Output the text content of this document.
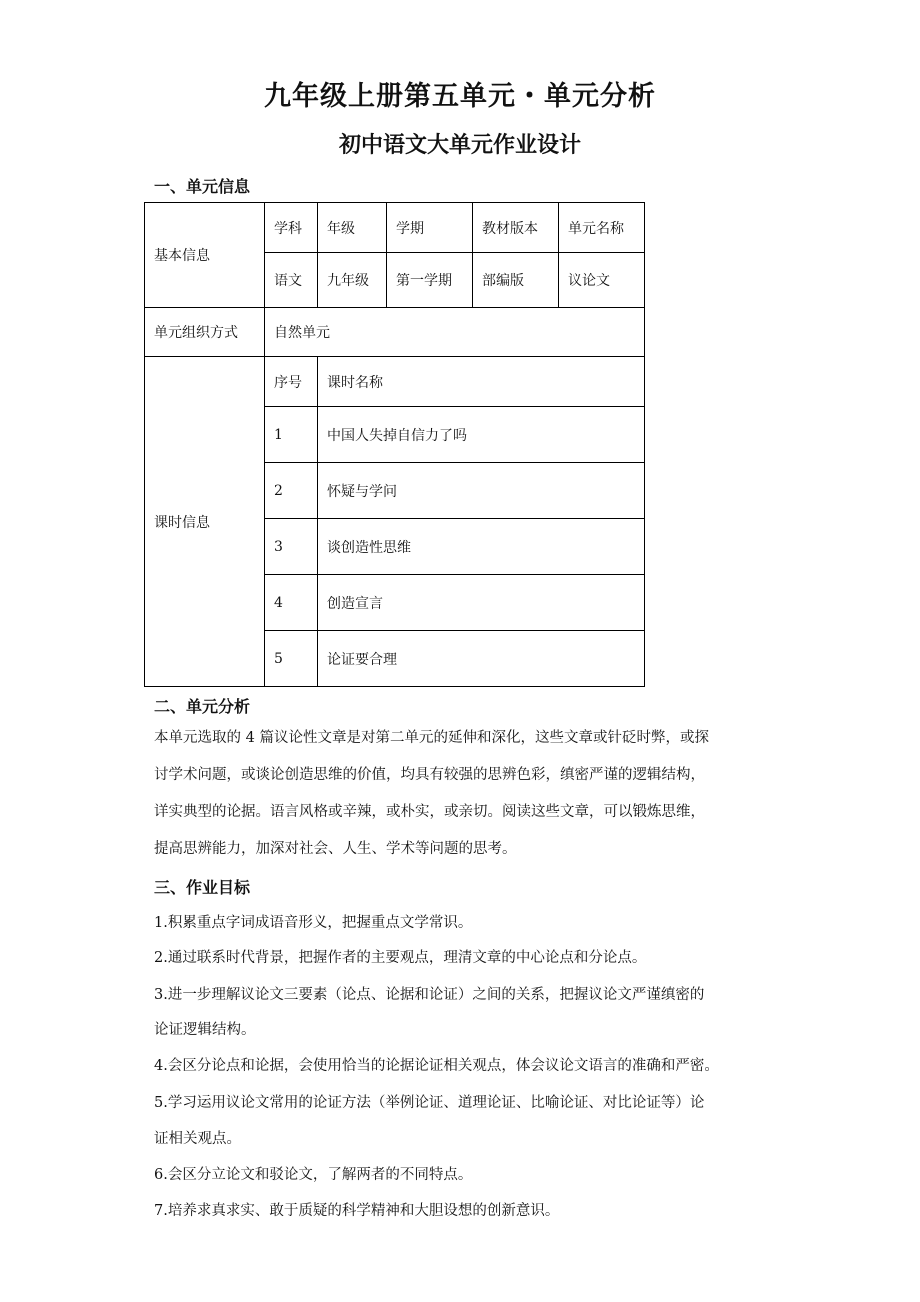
九年级上册第五单元・单元分析
初中语文大单元作业设计
一、单元信息
基本信息	学科	年级	学期	教材版本	单元名称
	语文	九年级	第一学期	部编版	议论文
单元组织方式	自然单元				
课时信息	序号	课时名称			
	1	中国人失掉自信力了吗			
	2	怀疑与学问			
	3	谈创造性思维			
	4	创造宣言			
	5	论证要合理			
二、单元分析
本单元选取的 4 篇议论性文章是对第二单元的延伸和深化，这些文章或针砭时弊，或探
讨学术问题，或谈论创造思维的价值，均具有较强的思辨色彩，缜密严谨的逻辑结构，
详实典型的论据。语言风格或辛辣，或朴实，或亲切。阅读这些文章，可以锻炼思维，
提高思辨能力，加深对社会、人生、学术等问题的思考。
三、作业目标
1.积累重点字词成语音形义，把握重点文学常识。
2.通过联系时代背景，把握作者的主要观点，理清文章的中心论点和分论点。
3.进一步理解议论文三要素（论点、论据和论证）之间的关系，把握议论文严谨缜密的
论证逻辑结构。
4.会区分论点和论据，会使用恰当的论据论证相关观点，体会议论文语言的准确和严密。
5.学习运用议论文常用的论证方法（举例论证、道理论证、比喻论证、对比论证等）论
证相关观点。
6.会区分立论文和驳论文，了解两者的不同特点。
7.培养求真求实、敢于质疑的科学精神和大胆设想的创新意识。
